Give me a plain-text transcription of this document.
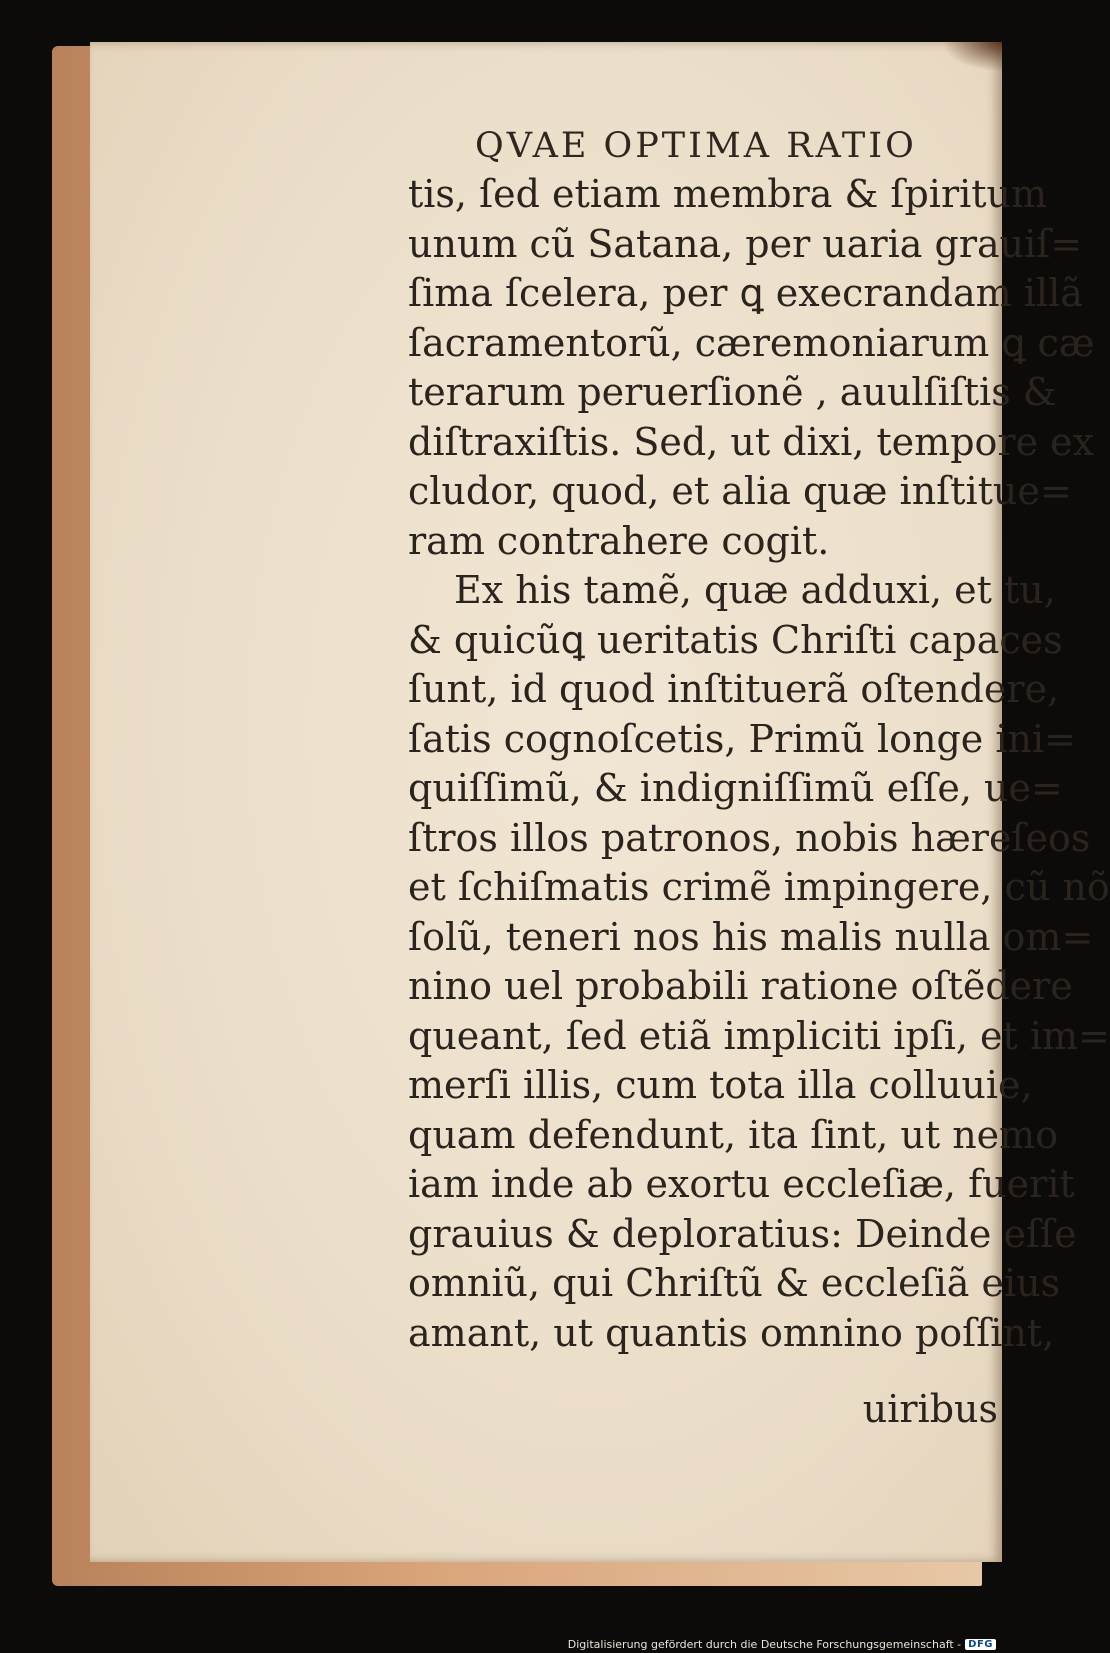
QVAE OPTIMA RATIO
tis, ſed etiam membra & ſpiritum
unum cũ Satana, per uaria grauiſ=
ſima ſcelera, per ꝗ execrandam illã
ſacramentorũ, cæremoniarum ꝗ cæ
terarum peruerſionẽ , auulſiſtis &
diſtraxiſtis. Sed, ut dixi, tempore ex
cludor, quod, et alia quæ inſtitue=
ram contrahere cogit.
Ex his tamẽ, quæ adduxi, et tu,
& quicũꝗ ueritatis Chriſti capaces
ſunt, id quod inſtituerã oſtendere,
ſatis cognoſcetis, Primũ longe ini=
quiſſimũ, & indigniſſimũ eſſe, ue=
ſtros illos patronos, nobis hæreſeos
et ſchiſmatis crimẽ impingere, cũ nõ
ſolũ, teneri nos his malis nulla om=
nino uel probabili ratione oſtẽdere
queant, ſed etiã impliciti ipſi, et im=
merſi illis, cum tota illa colluuie,
quam defendunt, ita ſint, ut nemo
iam inde ab exortu eccleſiæ, fuerit
grauius & deploratius: Deinde eſſe
omniũ, qui Chriſtũ & eccleſiã eius
amant, ut quantis omnino poſſint,
uiribus
Digitalisierung gefördert durch die Deutsche Forschungsgemeinschaft - DFG
